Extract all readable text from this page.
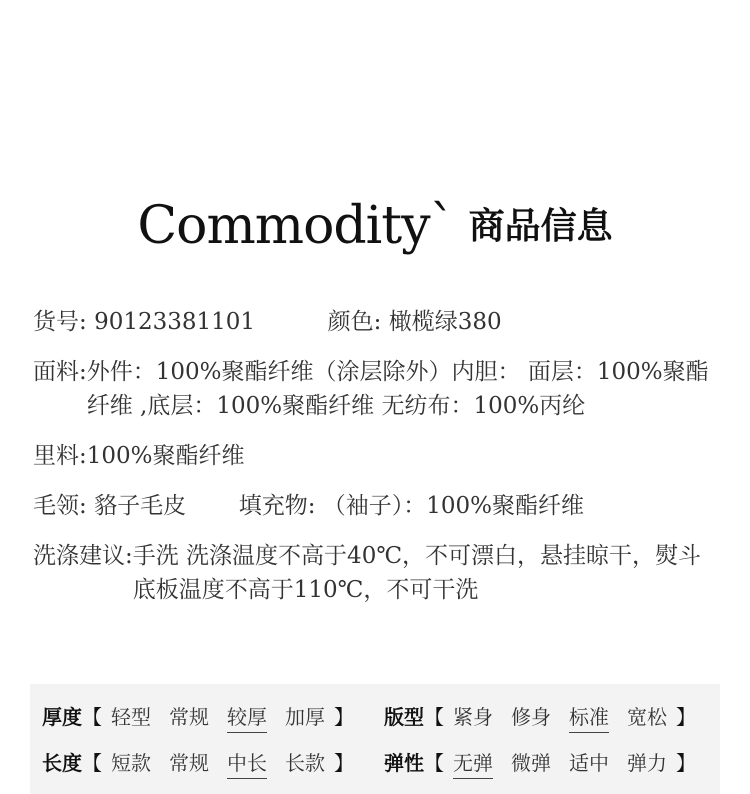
Commodity` 商品信息
货号: 90123381101	颜色: 橄榄绿380
面料: 外件：100%聚酯纤维（涂层除外）内胆： 面层：100%聚酯纤维 ,底层：100%聚酯纤维 无纺布：100%丙纶
里料: 100%聚酯纤维
毛领: 貉子毛皮 填充物: （袖子）：100%聚酯纤维
洗涤建议: 手洗 洗涤温度不高于40℃，不可漂白，悬挂晾干，熨斗底板温度不高于110℃，不可干洗
厚度【 轻型 常规 较厚 加厚 】 版型【 紧身 修身 标准 宽松 】
长度【 短款 常规 中长 长款 】 弹性【 无弹 微弹 适中 弹力 】
